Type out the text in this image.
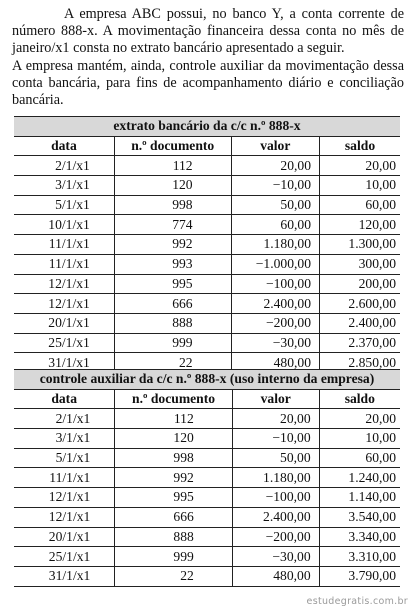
A empresa ABC possui, no banco Y, a conta corrente de número 888-x. A movimentação financeira dessa conta no mês de janeiro/x1 consta no extrato bancário apresentado a seguir.

A empresa mantém, ainda, controle auxiliar da movimentação dessa conta bancária, para fins de acompanhamento diário e conciliação bancária.

extrato bancário da c/c n.º 888-x			
data	n.º documento	valor	saldo
2/1/x1	112	20,00	20,00
3/1/x1	120	−10,00	10,00
5/1/x1	998	50,00	60,00
10/1/x1	774	60,00	120,00
11/1/x1	992	1.180,00	1.300,00
11/1/x1	993	−1.000,00	300,00
12/1/x1	995	−100,00	200,00
12/1/x1	666	2.400,00	2.600,00
20/1/x1	888	−200,00	2.400,00
25/1/x1	999	−30,00	2.370,00
31/1/x1	22	480,00	2.850,00
controle auxiliar da c/c n.º 888-x (uso interno da empresa)			
data	n.º documento	valor	saldo
2/1/x1	112	20,00	20,00
3/1/x1	120	−10,00	10,00
5/1/x1	998	50,00	60,00
11/1/x1	992	1.180,00	1.240,00
12/1/x1	995	−100,00	1.140,00
12/1/x1	666	2.400,00	3.540,00
20/1/x1	888	−200,00	3.340,00
25/1/x1	999	−30,00	3.310,00
31/1/x1	22	480,00	3.790,00
estudegratis.com.br
